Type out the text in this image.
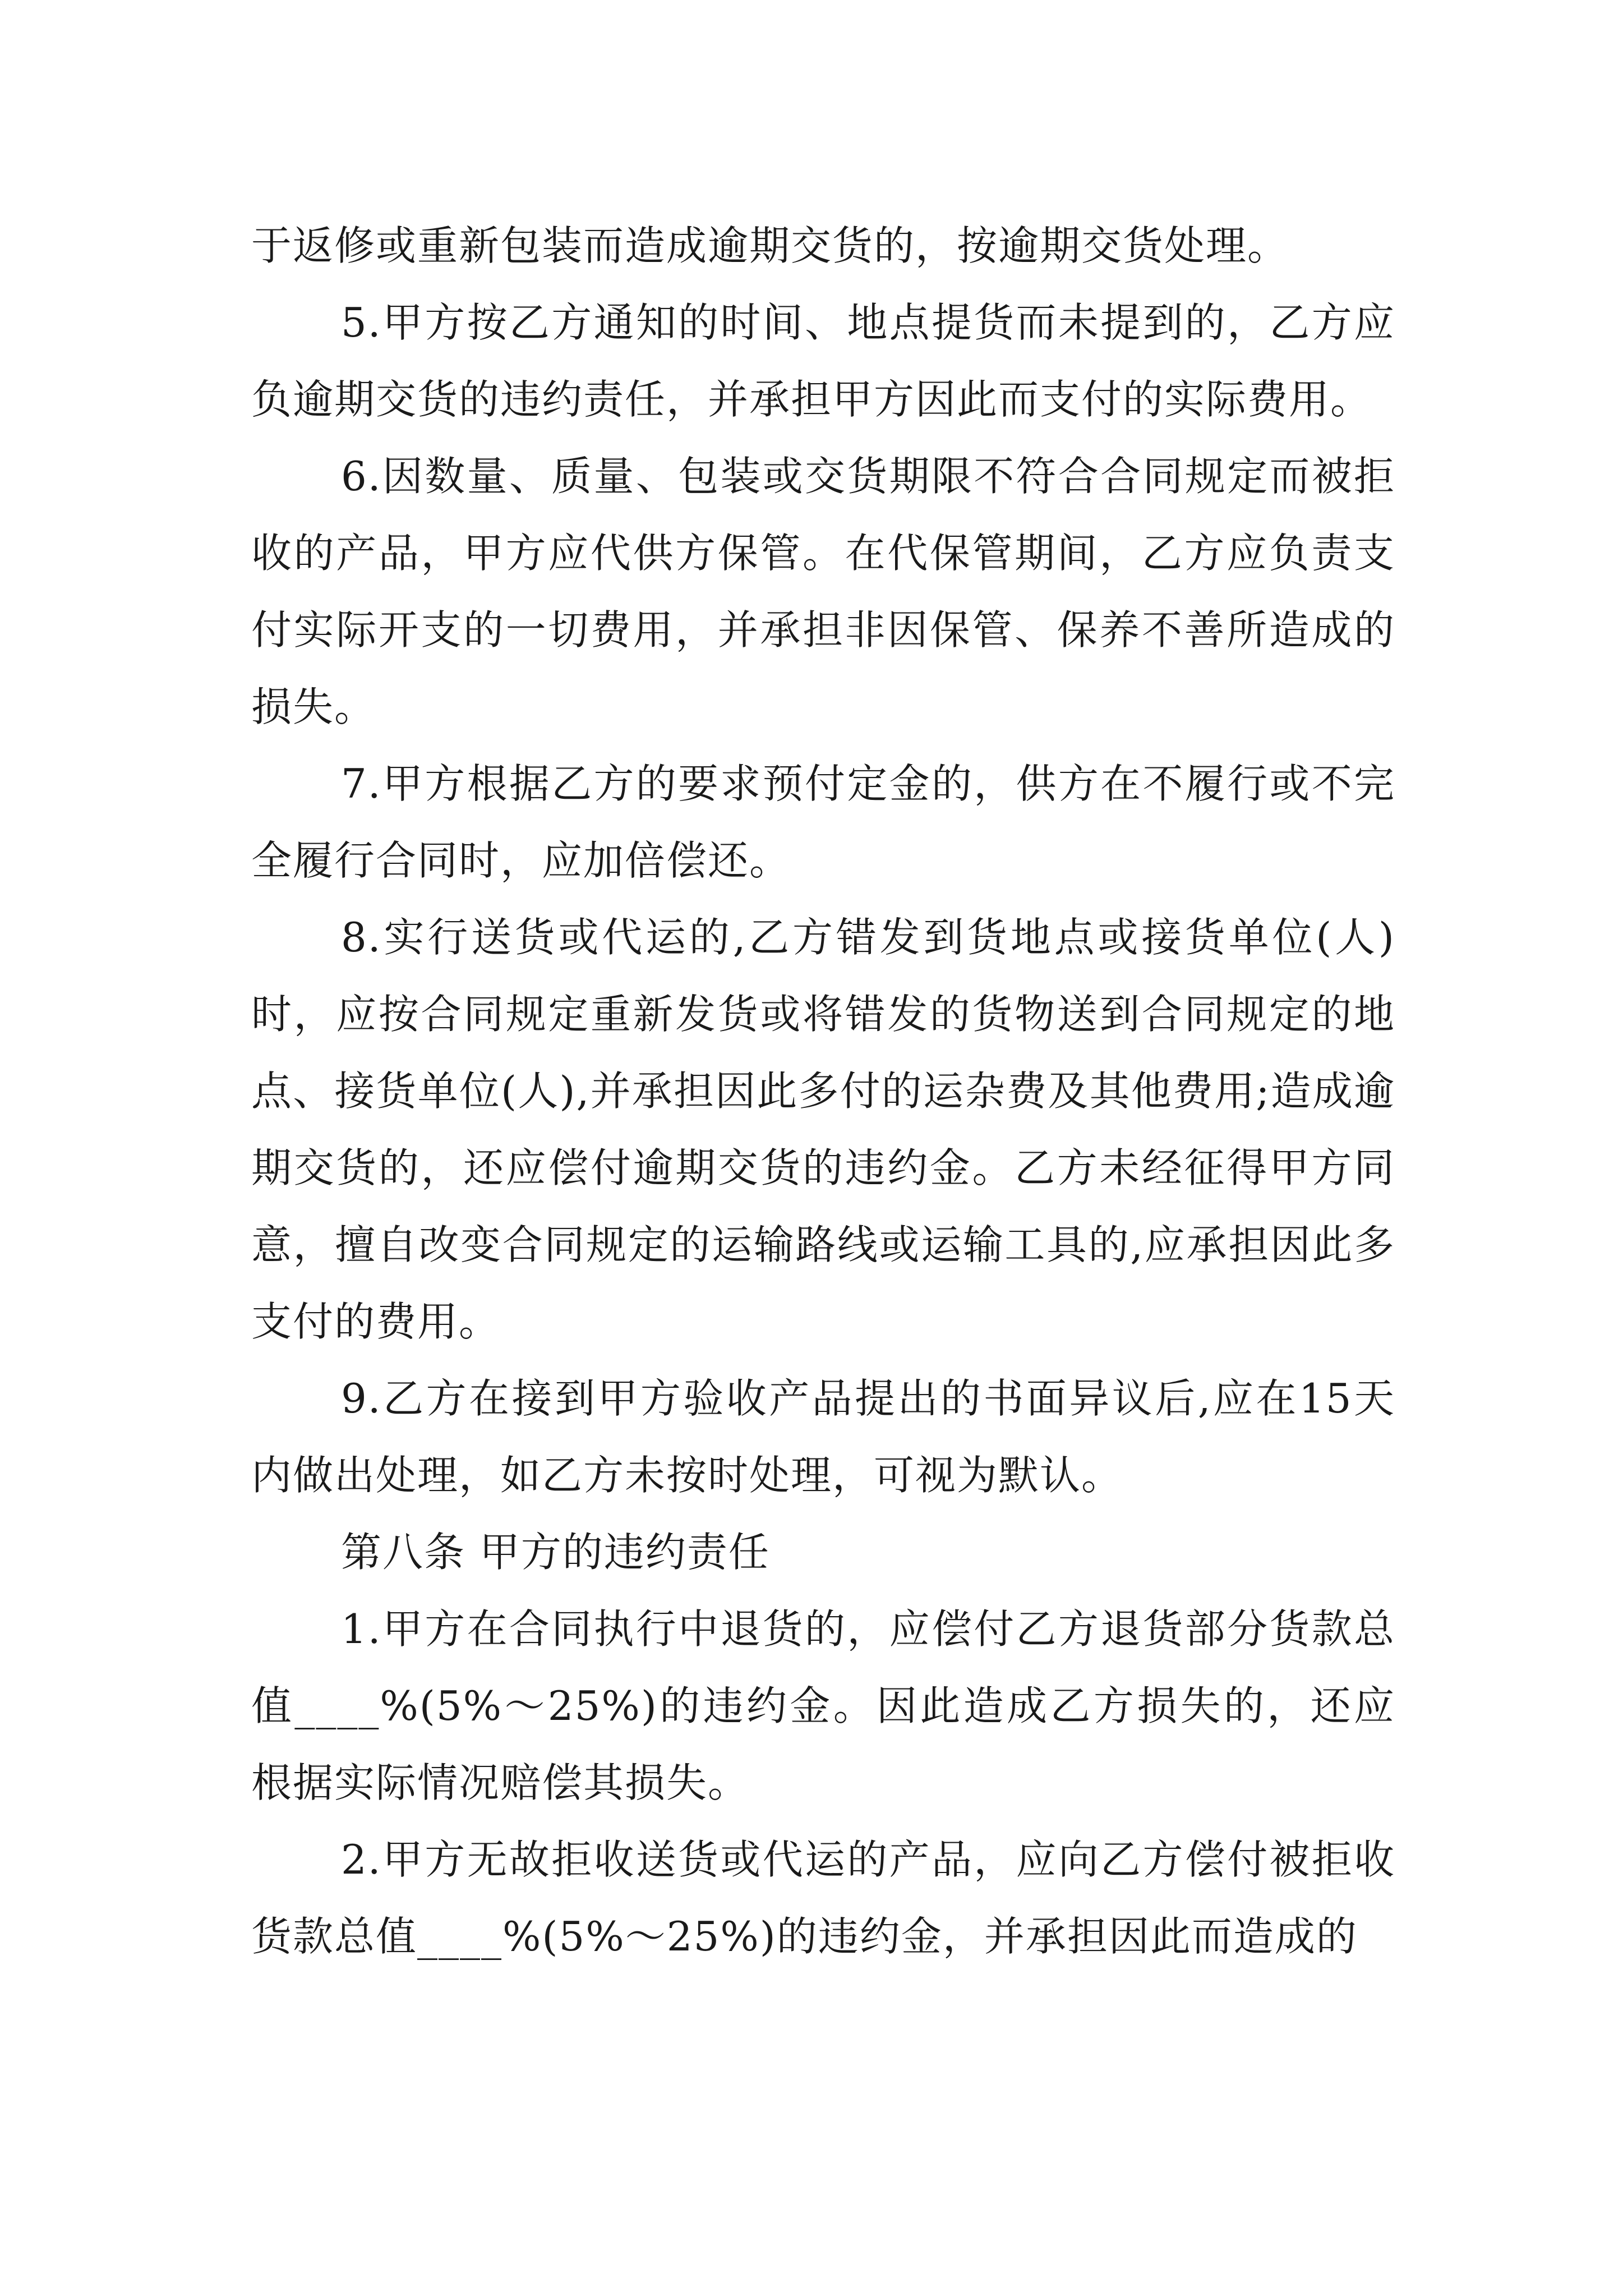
于返修或重新包装而造成逾期交货的，按逾期交货处理。

5.甲方按乙方通知的时间、地点提货而未提到的，乙方应负逾期交货的违约责任，并承担甲方因此而支付的实际费用。

6.因数量、质量、包装或交货期限不符合合同规定而被拒收的产品，甲方应代供方保管。在代保管期间，乙方应负责支付实际开支的一切费用，并承担非因保管、保养不善所造成的损失。

7.甲方根据乙方的要求预付定金的，供方在不履行或不完全履行合同时，应加倍偿还。

8.实行送货或代运的,乙方错发到货地点或接货单位(人)时，应按合同规定重新发货或将错发的货物送到合同规定的地点、接货单位(人),并承担因此多付的运杂费及其他费用;造成逾期交货的，还应偿付逾期交货的违约金。乙方未经征得甲方同意，擅自改变合同规定的运输路线或运输工具的,应承担因此多支付的费用。

9.乙方在接到甲方验收产品提出的书面异议后,应在15天内做出处理，如乙方未按时处理，可视为默认。

第八条 甲方的违约责任

1.甲方在合同执行中退货的，应偿付乙方退货部分货款总值____%(5%～25%)的违约金。因此造成乙方损失的，还应根据实际情况赔偿其损失。

2.甲方无故拒收送货或代运的产品，应向乙方偿付被拒收货款总值____%(5%～25%)的违约金，并承担因此而造成的
